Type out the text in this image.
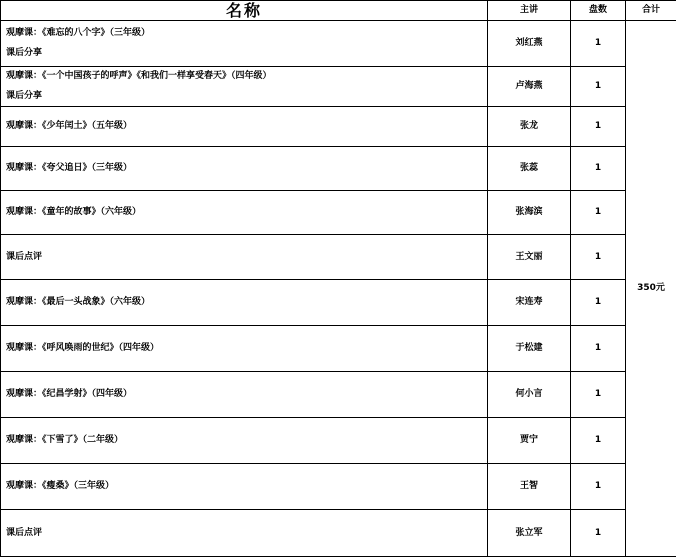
名称	主讲	盘数	合计
观摩课：《难忘的八个字》（三年级）
课后分享	刘红燕	1	350元
观摩课：《一个中国孩子的呼声》《和我们一样享受春天》（四年级）
课后分享	卢海燕	1	
观摩课：《少年闰土》（五年级）	张龙	1	
观摩课：《夸父追日》（三年级）	张蕊	1	
观摩课：《童年的故事》（六年级）	张海滨	1	
课后点评	王文丽	1	
观摩课：《最后一头战象》（六年级）	宋连寿	1	
观摩课：《呼风唤雨的世纪》（四年级）	于松建	1	
观摩课：《纪昌学射》（四年级）	何小言	1	
观摩课：《下雪了》（二年级）	贾宁	1	
观摩课：《瘦桑》（三年级）	王智	1	
课后点评	张立军	1	
